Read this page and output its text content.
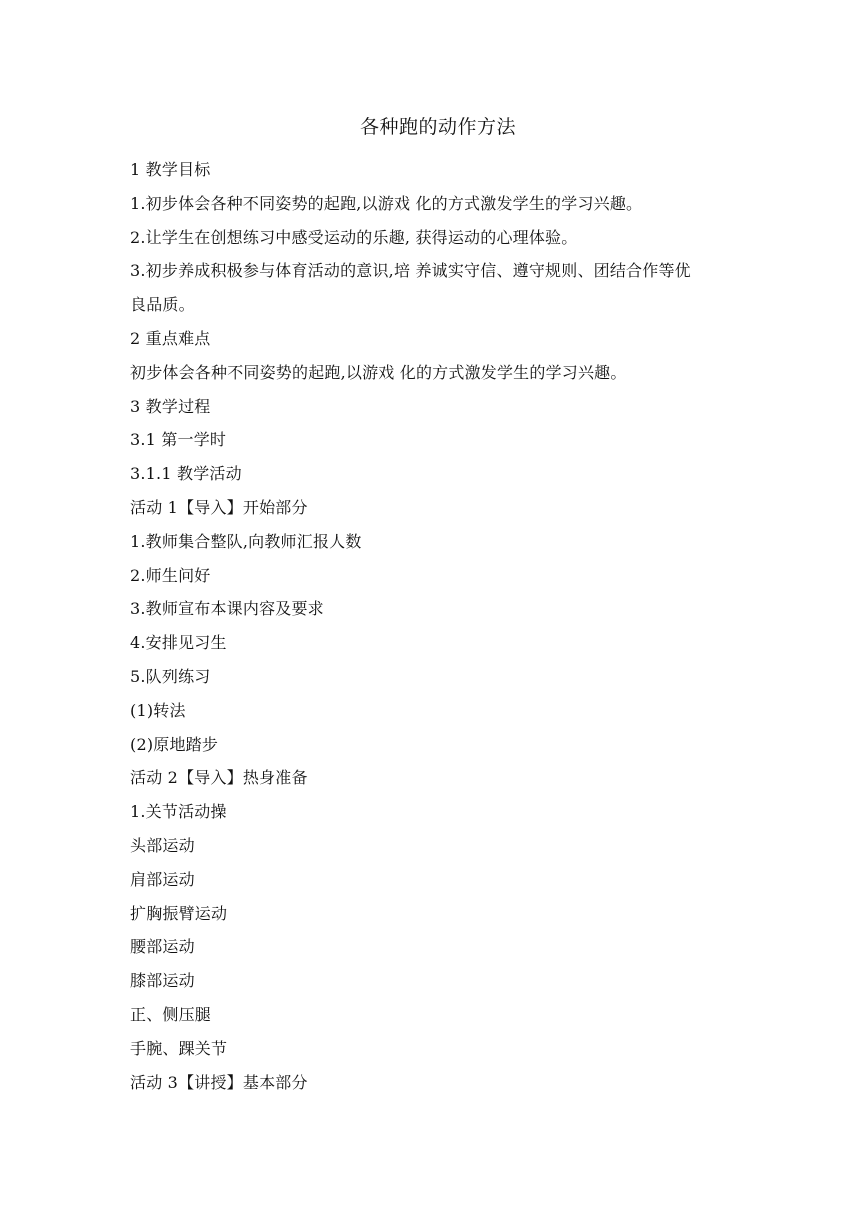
各种跑的动作方法
1 教学目标
1.初步体会各种不同姿势的起跑,以游戏 化的方式激发学生的学习兴趣。
2.让学生在创想练习中感受运动的乐趣, 获得运动的心理体验。
3.初步养成积极参与体育活动的意识,培 养诚实守信、遵守规则、团结合作等优
良品质。
2 重点难点
初步体会各种不同姿势的起跑,以游戏 化的方式激发学生的学习兴趣。
3 教学过程
3.1 第一学时
3.1.1 教学活动
活动 1【导入】开始部分
1.教师集合整队,向教师汇报人数
2.师生问好
3.教师宣布本课内容及要求
4.安排见习生
5.队列练习
(1)转法
(2)原地踏步
活动 2【导入】热身准备
1.关节活动操
头部运动
肩部运动
扩胸振臂运动
腰部运动
膝部运动
正、侧压腿
手腕、踝关节
活动 3【讲授】基本部分
